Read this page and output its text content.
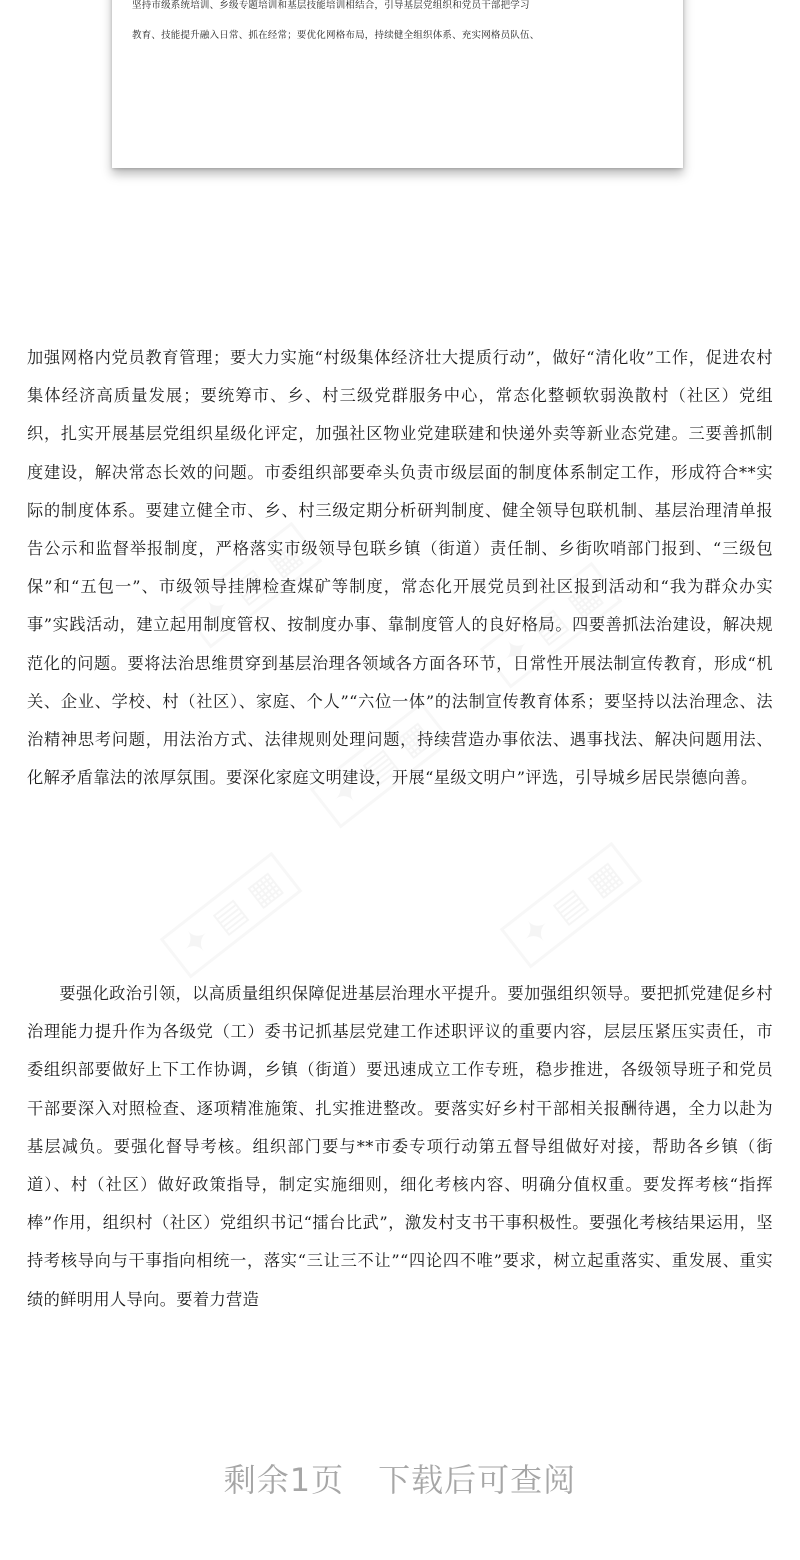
坚持市级系统培训、乡级专题培训和基层技能培训相结合，引导基层党组织和党员干部把学习
教育、技能提升融入日常、抓在经常；要优化网格布局，持续健全组织体系、充实网格员队伍、

加强网格内党员教育管理；要大力实施“村级集体经济壮大提质行动”，做好“清化收”工作，促进农村集体经济高质量发展；要统筹市、乡、村三级党群服务中心，常态化整顿软弱涣散村（社区）党组织，扎实开展基层党组织星级化评定，加强社区物业党建联建和快递外卖等新业态党建。三要善抓制度建设，解决常态长效的问题。市委组织部要牵头负责市级层面的制度体系制定工作，形成符合**实际的制度体系。要建立健全市、乡、村三级定期分析研判制度、健全领导包联机制、基层治理清单报告公示和监督举报制度，严格落实市级领导包联乡镇（街道）责任制、乡街吹哨部门报到、“三级包保”和“五包一”、市级领导挂牌检查煤矿等制度，常态化开展党员到社区报到活动和“我为群众办实事”实践活动，建立起用制度管权、按制度办事、靠制度管人的良好格局。四要善抓法治建设，解决规范化的问题。要将法治思维贯穿到基层治理各领域各方面各环节，日常性开展法制宣传教育，形成“机关、企业、学校、村（社区）、家庭、个人”“六位一体”的法制宣传教育体系；要坚持以法治理念、法治精神思考问题，用法治方式、法律规则处理问题，持续营造办事依法、遇事找法、解决问题用法、化解矛盾靠法的浓厚氛围。要深化家庭文明建设，开展“星级文明户”评选，引导城乡居民崇德向善。

要强化政治引领，以高质量组织保障促进基层治理水平提升。要加强组织领导。要把抓党建促乡村治理能力提升作为各级党（工）委书记抓基层党建工作述职评议的重要内容，层层压紧压实责任，市委组织部要做好上下工作协调，乡镇（街道）要迅速成立工作专班，稳步推进，各级领导班子和党员干部要深入对照检查、逐项精准施策、扎实推进整改。要落实好乡村干部相关报酬待遇，全力以赴为基层减负。要强化督导考核。组织部门要与**市委专项行动第五督导组做好对接，帮助各乡镇（街道）、村（社区）做好政策指导，制定实施细则，细化考核内容、明确分值权重。要发挥考核“指挥棒”作用，组织村（社区）党组织书记“擂台比武”，激发村支书干事积极性。要强化考核结果运用，坚持考核导向与干事指向相统一，落实“三让三不让”“四论四不唯”要求，树立起重落实、重发展、重实绩的鲜明用人导向。要着力营造

✦ ▤ ▦	✦ ▤ ▦
✦ ▤ ▦
✦ ▤ ▦	✦ ▤ ▦
剩余1页 下载后可查阅
